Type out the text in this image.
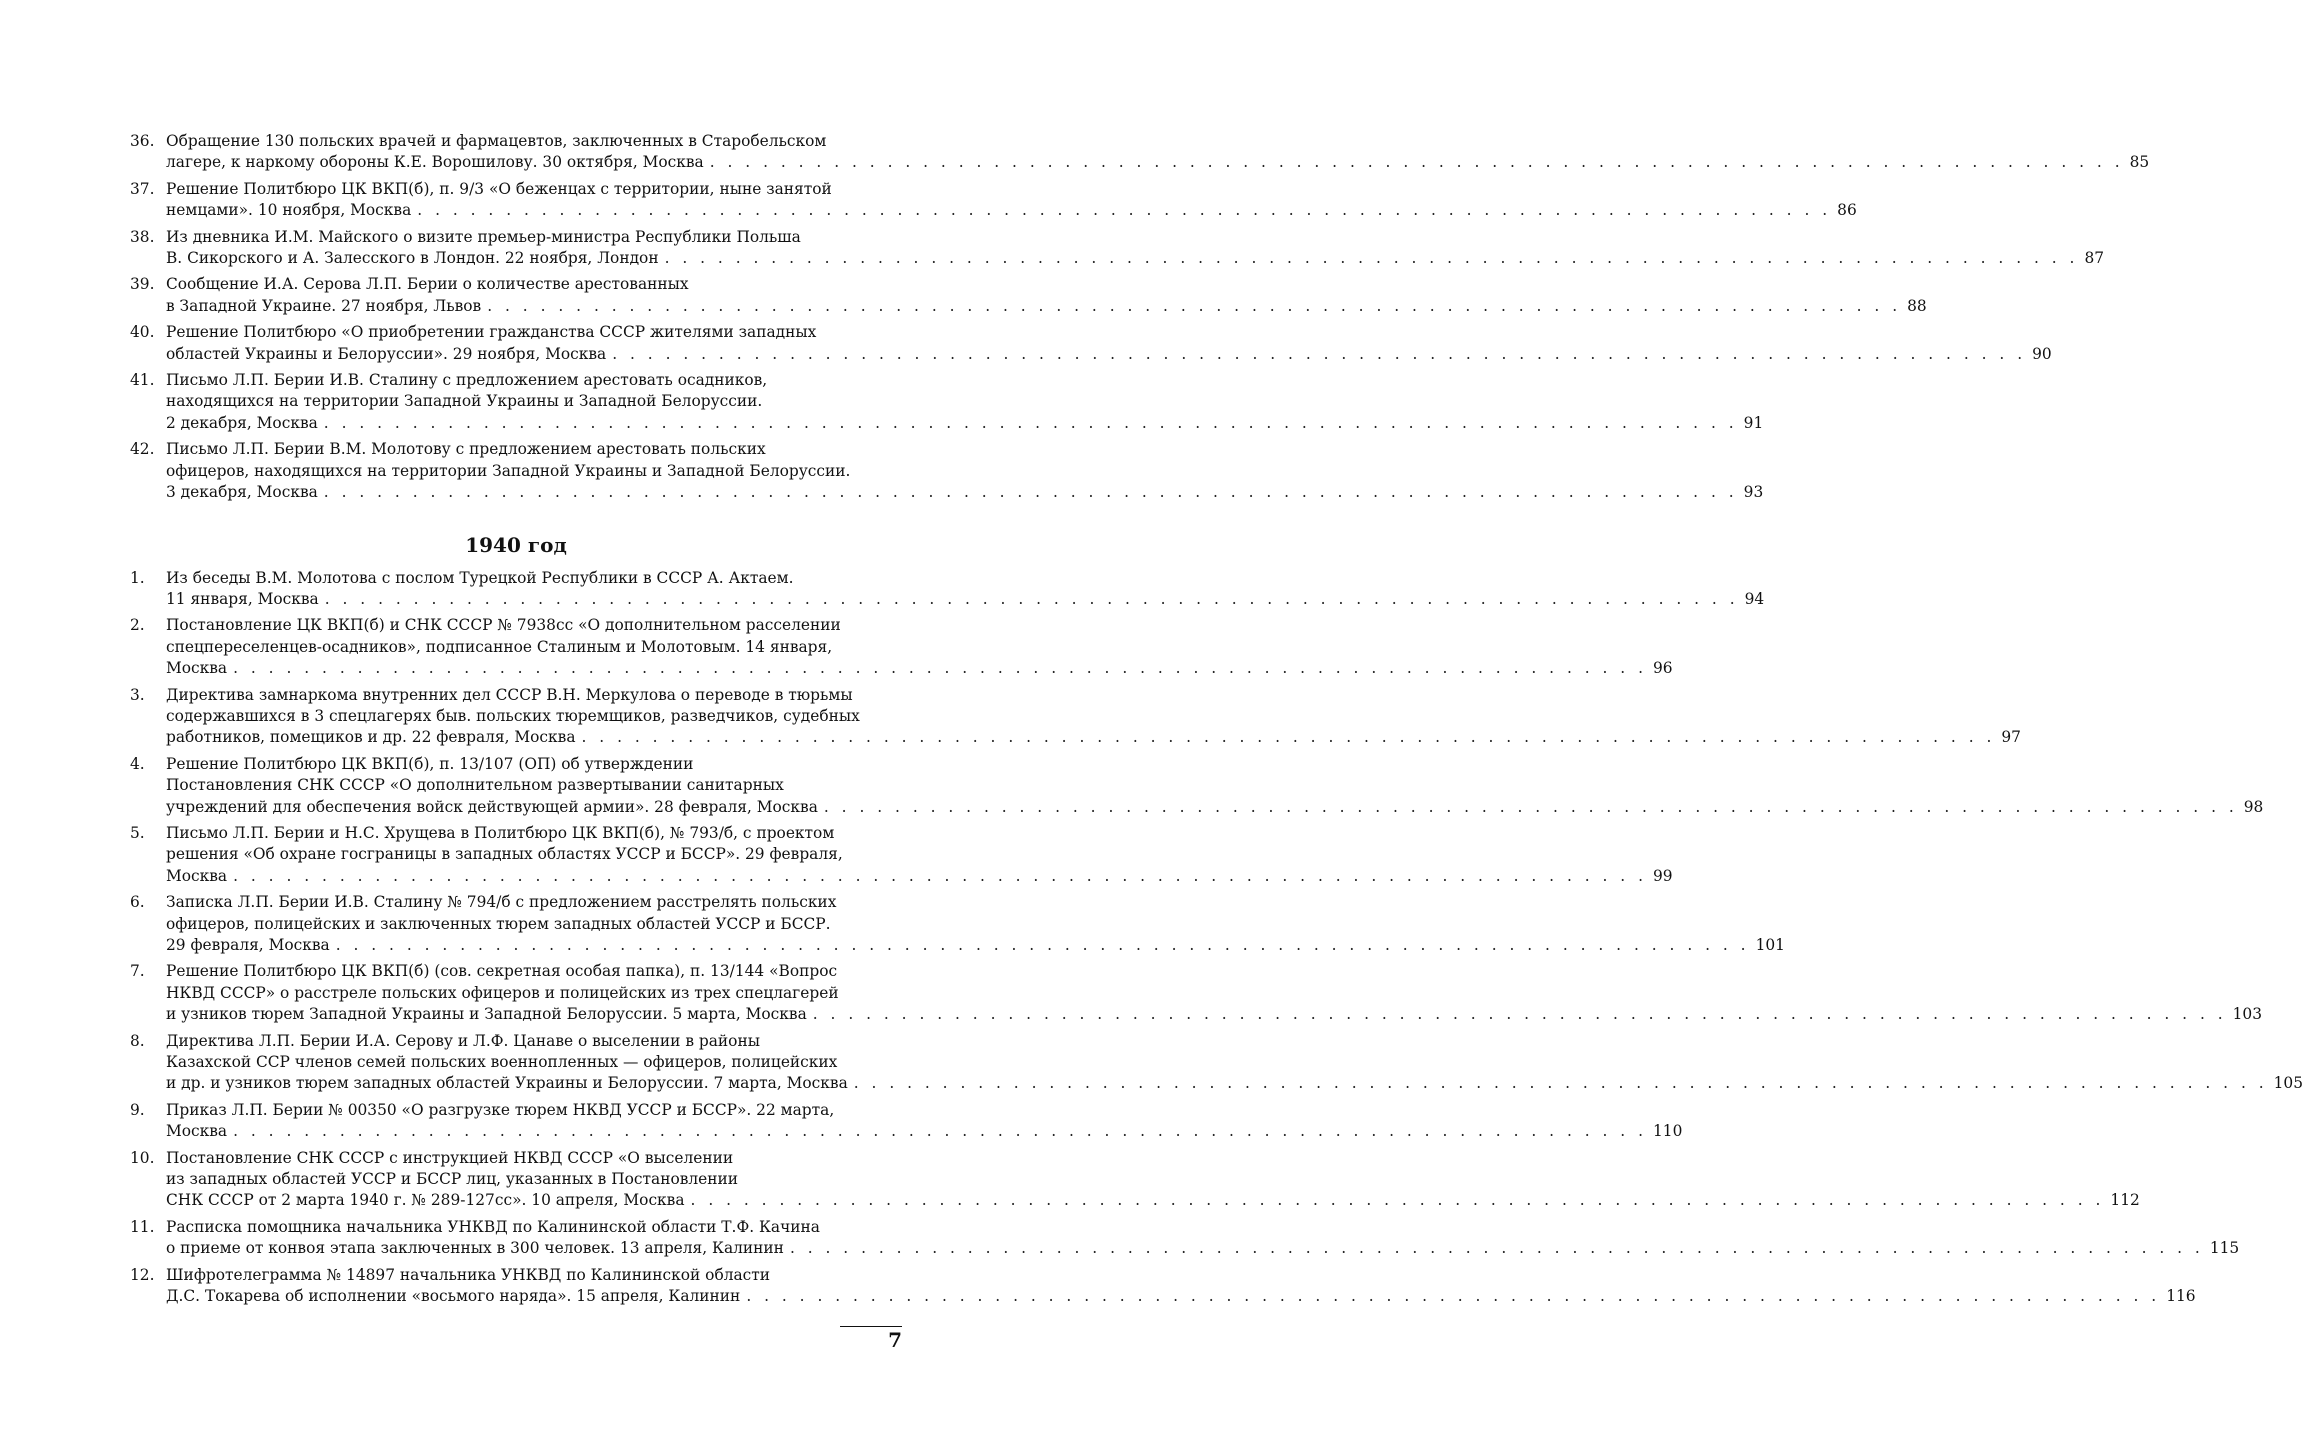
36. Обращение 130 польских врачей и фармацевтов, заключенных в Старобельском
лагере, к наркому обороны К.Е. Ворошилову. 30 октября, Москва . . . . . . . . . . . . . . . . . . . . . . . . . . . . . . . . . . . . . . . . . . . . . . . . . . . . . . . . . . . . . . . . . . . . . . . . . . . . . . . . 85
37. Решение Политбюро ЦК ВКП(б), п. 9/3 «О беженцах с территории, ныне занятой
немцами». 10 ноября, Москва . . . . . . . . . . . . . . . . . . . . . . . . . . . . . . . . . . . . . . . . . . . . . . . . . . . . . . . . . . . . . . . . . . . . . . . . . . . . . . . . 86
38. Из дневника И.М. Майского о визите премьер-министра Республики Польша
В. Сикорского и А. Залесского в Лондон. 22 ноября, Лондон . . . . . . . . . . . . . . . . . . . . . . . . . . . . . . . . . . . . . . . . . . . . . . . . . . . . . . . . . . . . . . . . . . . . . . . . . . . . . . . . 87
39. Сообщение И.А. Серова Л.П. Берии о количестве арестованных
в Западной Украине. 27 ноября, Львов . . . . . . . . . . . . . . . . . . . . . . . . . . . . . . . . . . . . . . . . . . . . . . . . . . . . . . . . . . . . . . . . . . . . . . . . . . . . . . . . 88
40. Решение Политбюро «О приобретении гражданства СССР жителями западных
областей Украины и Белоруссии». 29 ноября, Москва . . . . . . . . . . . . . . . . . . . . . . . . . . . . . . . . . . . . . . . . . . . . . . . . . . . . . . . . . . . . . . . . . . . . . . . . . . . . . . . . 90
41. Письмо Л.П. Берии И.В. Сталину с предложением арестовать осадников,
находящихся на территории Западной Украины и Западной Белоруссии.
2 декабря, Москва . . . . . . . . . . . . . . . . . . . . . . . . . . . . . . . . . . . . . . . . . . . . . . . . . . . . . . . . . . . . . . . . . . . . . . . . . . . . . . . . 91
42. Письмо Л.П. Берии В.М. Молотову с предложением арестовать польских
офицеров, находящихся на территории Западной Украины и Западной Белоруссии.
3 декабря, Москва . . . . . . . . . . . . . . . . . . . . . . . . . . . . . . . . . . . . . . . . . . . . . . . . . . . . . . . . . . . . . . . . . . . . . . . . . . . . . . . . 93
1940 год
1.	Из беседы В.М. Молотова с послом Турецкой Республики в СССР А. Актаем.
11 января, Москва . . . . . . . . . . . . . . . . . . . . . . . . . . . . . . . . . . . . . . . . . . . . . . . . . . . . . . . . . . . . . . . . . . . . . . . . . . . . . . . . 94
2.	Постановление ЦК ВКП(б) и СНК СССР № 7938сс «О дополнительном расселении
спецпереселенцев-осадников», подписанное Сталиным и Молотовым. 14 января,
Москва . . . . . . . . . . . . . . . . . . . . . . . . . . . . . . . . . . . . . . . . . . . . . . . . . . . . . . . . . . . . . . . . . . . . . . . . . . . . . . . . 96
3.	Директива замнаркома внутренних дел СССР В.Н. Меркулова о переводе в тюрьмы
содержавшихся в 3 спецлагерях быв. польских тюремщиков, разведчиков, судебных
работников, помещиков и др. 22 февраля, Москва . . . . . . . . . . . . . . . . . . . . . . . . . . . . . . . . . . . . . . . . . . . . . . . . . . . . . . . . . . . . . . . . . . . . . . . . . . . . . . . . 97
4.	Решение Политбюро ЦК ВКП(б), п. 13/107 (ОП) об утверждении
Постановления СНК СССР «О дополнительном развертывании санитарных
учреждений для обеспечения войск действующей армии». 28 февраля, Москва . . . . . . . . . . . . . . . . . . . . . . . . . . . . . . . . . . . . . . . . . . . . . . . . . . . . . . . . . . . . . . . . . . . . . . . . . . . . . . . . 98
5.	Письмо Л.П. Берии и Н.С. Хрущева в Политбюро ЦК ВКП(б), № 793/б, с проектом
решения «Об охране госграницы в западных областях УССР и БССР». 29 февраля,
Москва . . . . . . . . . . . . . . . . . . . . . . . . . . . . . . . . . . . . . . . . . . . . . . . . . . . . . . . . . . . . . . . . . . . . . . . . . . . . . . . . 99
6.	Записка Л.П. Берии И.В. Сталину № 794/б с предложением расстрелять польских
офицеров, полицейских и заключенных тюрем западных областей УССР и БССР.
29 февраля, Москва . . . . . . . . . . . . . . . . . . . . . . . . . . . . . . . . . . . . . . . . . . . . . . . . . . . . . . . . . . . . . . . . . . . . . . . . . . . . . . . . 101
7.	Решение Политбюро ЦК ВКП(б) (сов. секретная особая папка), п. 13/144 «Вопрос
НКВД СССР» о расстреле польских офицеров и полицейских из трех спецлагерей
и узников тюрем Западной Украины и Западной Белоруссии. 5 марта, Москва . . . . . . . . . . . . . . . . . . . . . . . . . . . . . . . . . . . . . . . . . . . . . . . . . . . . . . . . . . . . . . . . . . . . . . . . . . . . . . . . 103
8.	Директива Л.П. Берии И.А. Серову и Л.Ф. Цанаве о выселении в районы
Казахской ССР членов семей польских военнопленных — офицеров, полицейских
и др. и узников тюрем западных областей Украины и Белоруссии. 7 марта, Москва . . . . . . . . . . . . . . . . . . . . . . . . . . . . . . . . . . . . . . . . . . . . . . . . . . . . . . . . . . . . . . . . . . . . . . . . . . . . . . . . 105
9.	Приказ Л.П. Берии № 00350 «О разгрузке тюрем НКВД УССР и БССР». 22 марта,
Москва . . . . . . . . . . . . . . . . . . . . . . . . . . . . . . . . . . . . . . . . . . . . . . . . . . . . . . . . . . . . . . . . . . . . . . . . . . . . . . . . 110
10. Постановление СНК СССР с инструкцией НКВД СССР «О выселении
из западных областей УССР и БССР лиц, указанных в Постановлении
СНК СССР от 2 марта 1940 г. № 289-127сс». 10 апреля, Москва . . . . . . . . . . . . . . . . . . . . . . . . . . . . . . . . . . . . . . . . . . . . . . . . . . . . . . . . . . . . . . . . . . . . . . . . . . . . . . . . 112
11. Расписка помощника начальника УНКВД по Калининской области Т.Ф. Качина
о приеме от конвоя этапа заключенных в 300 человек. 13 апреля, Калинин . . . . . . . . . . . . . . . . . . . . . . . . . . . . . . . . . . . . . . . . . . . . . . . . . . . . . . . . . . . . . . . . . . . . . . . . . . . . . . . . 115
12. Шифротелеграмма № 14897 начальника УНКВД по Калининской области
Д.С. Токарева об исполнении «восьмого наряда». 15 апреля, Калинин . . . . . . . . . . . . . . . . . . . . . . . . . . . . . . . . . . . . . . . . . . . . . . . . . . . . . . . . . . . . . . . . . . . . . . . . . . . . . . . . 116
7
